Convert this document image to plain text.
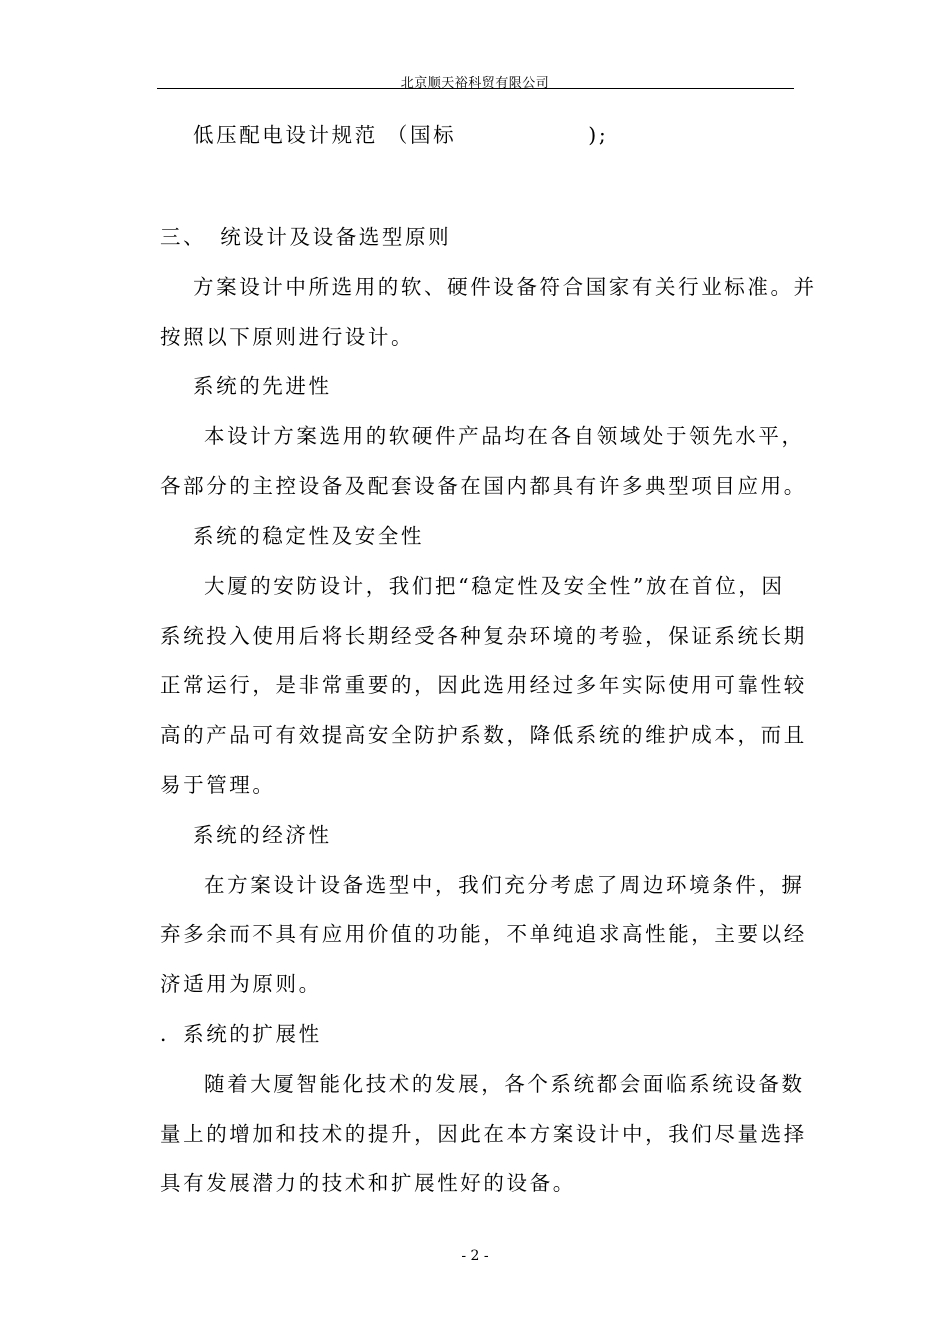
北京顺天裕科贸有限公司
低压配电设计规范 （国标	);
三、 统设计及设备选型原则
方案设计中所选用的软、硬件设备符合国家有关行业标准。并
按照以下原则进行设计。
系统的先进性
本设计方案选用的软硬件产品均在各自领域处于领先水平，
各部分的主控设备及配套设备在国内都具有许多典型项目应用。
系统的稳定性及安全性
大厦的安防设计，我们把“稳定性及安全性”放在首位，因
系统投入使用后将长期经受各种复杂环境的考验，保证系统长期
正常运行，是非常重要的，因此选用经过多年实际使用可靠性较
高的产品可有效提高安全防护系数，降低系统的维护成本，而且
易于管理。
系统的经济性
在方案设计设备选型中，我们充分考虑了周边环境条件，摒
弃多余而不具有应用价值的功能，不单纯追求高性能，主要以经
济适用为原则。
．系统的扩展性
随着大厦智能化技术的发展，各个系统都会面临系统设备数
量上的增加和技术的提升，因此在本方案设计中，我们尽量选择
具有发展潜力的技术和扩展性好的设备。
- 2 -
